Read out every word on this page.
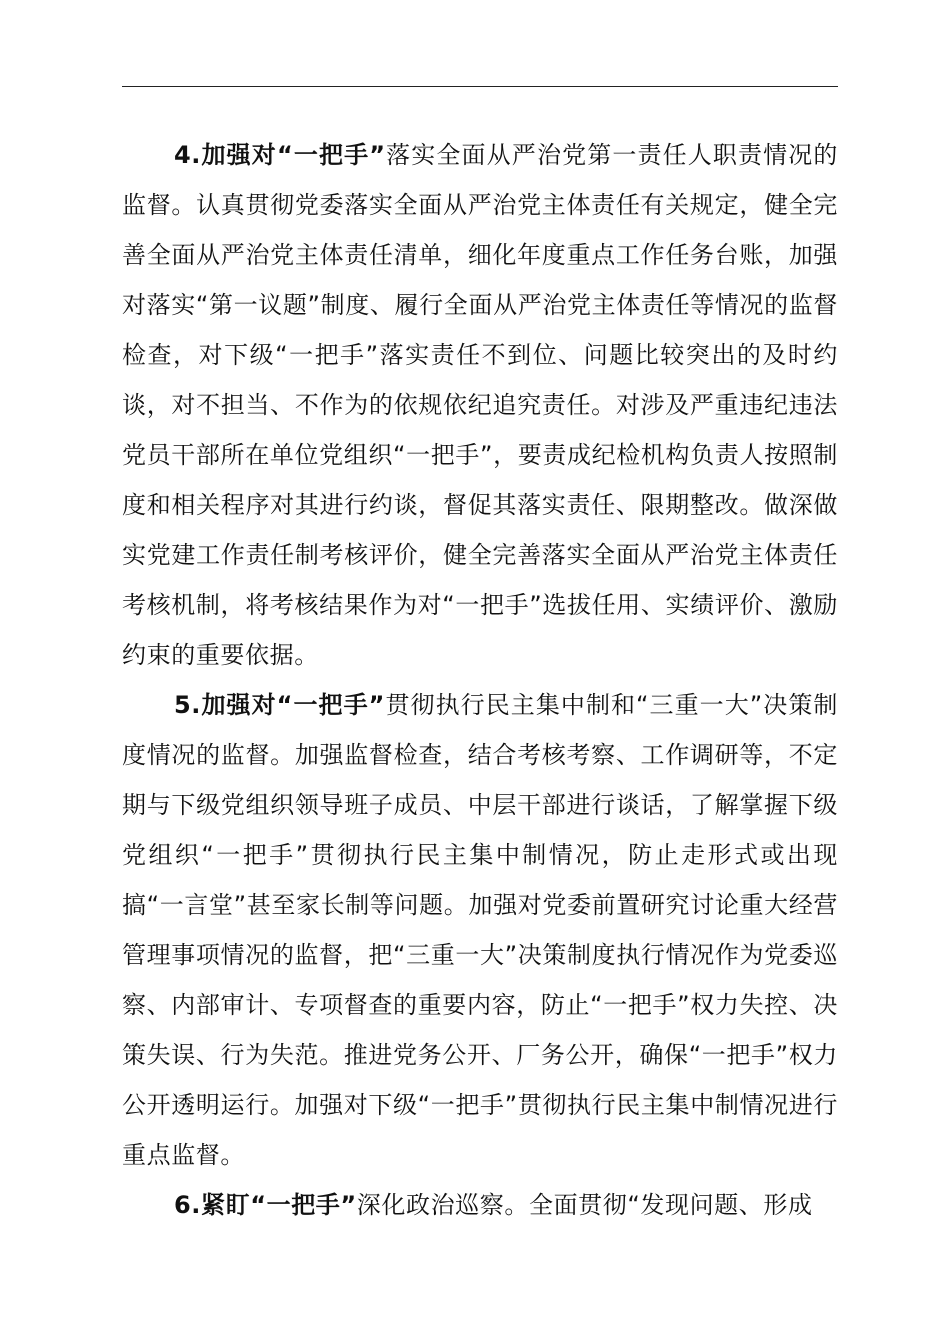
4.加强对“一把手”落实全面从严治党第一责任人职责情况的监督。认真贯彻党委落实全面从严治党主体责任有关规定，健全完善全面从严治党主体责任清单，细化年度重点工作任务台账，加强对落实“第一议题”制度、履行全面从严治党主体责任等情况的监督检查，对下级“一把手”落实责任不到位、问题比较突出的及时约谈，对不担当、不作为的依规依纪追究责任。对涉及严重违纪违法党员干部所在单位党组织“一把手”，要责成纪检机构负责人按照制度和相关程序对其进行约谈，督促其落实责任、限期整改。做深做实党建工作责任制考核评价，健全完善落实全面从严治党主体责任考核机制，将考核结果作为对“一把手”选拔任用、实绩评价、激励约束的重要依据。

5.加强对“一把手”贯彻执行民主集中制和“三重一大”决策制度情况的监督。加强监督检查，结合考核考察、工作调研等，不定期与下级党组织领导班子成员、中层干部进行谈话，了解掌握下级党组织“一把手”贯彻执行民主集中制情况，防止走形式或出现搞“一言堂”甚至家长制等问题。加强对党委前置研究讨论重大经营管理事项情况的监督，把“三重一大”决策制度执行情况作为党委巡察、内部审计、专项督查的重要内容，防止“一把手”权力失控、决策失误、行为失范。推进党务公开、厂务公开，确保“一把手”权力公开透明运行。加强对下级“一把手”贯彻执行民主集中制情况进行重点监督。

6.紧盯“一把手”深化政治巡察。全面贯彻“发现问题、形成
